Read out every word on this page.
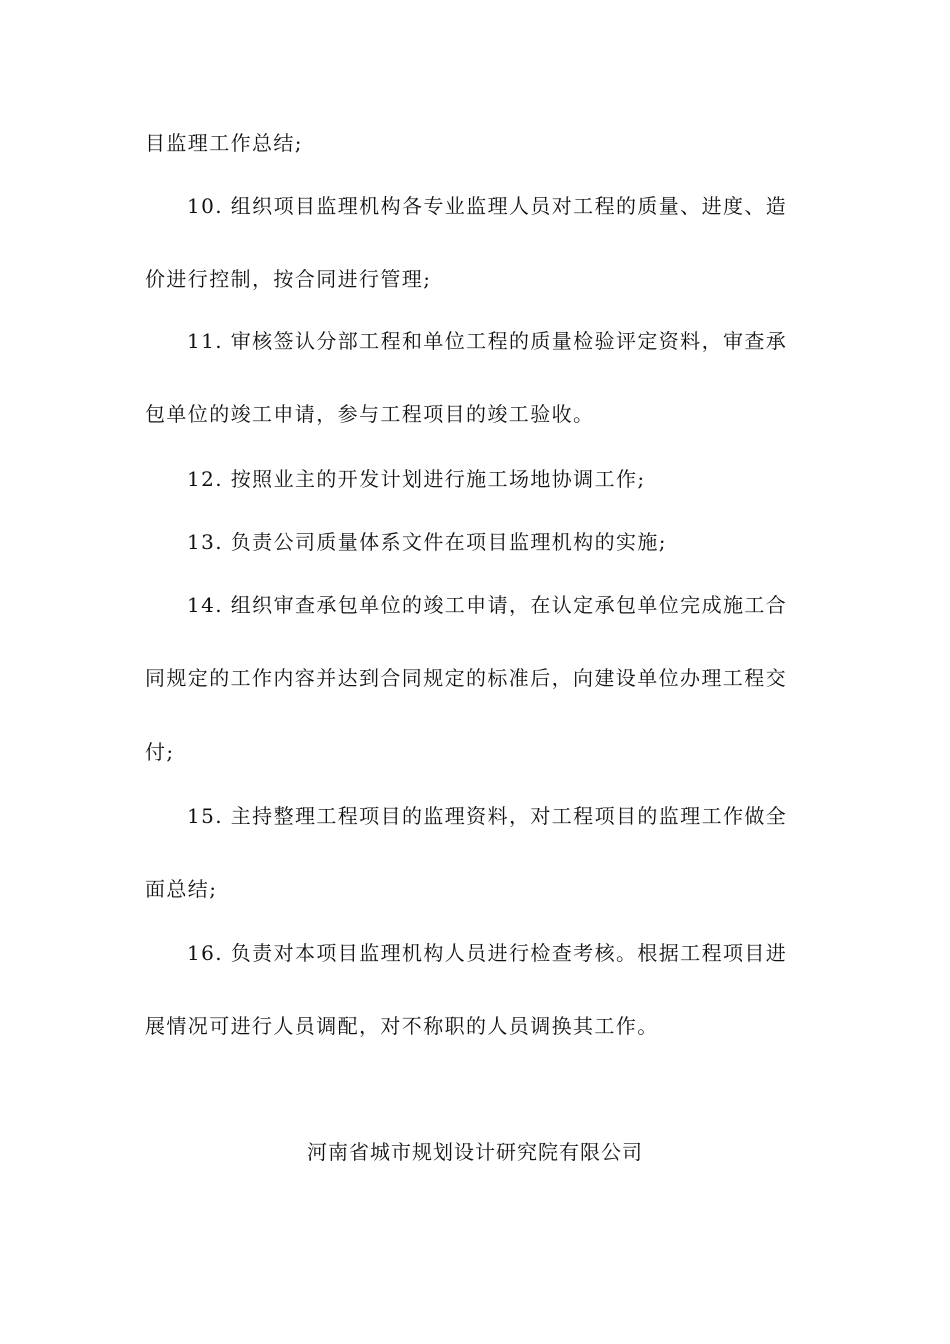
目监理工作总结;
10. 组织项目监理机构各专业监理人员对工程的质量、进度、造
价进行控制，按合同进行管理;
11. 审核签认分部工程和单位工程的质量检验评定资料，审查承
包单位的竣工申请，参与工程项目的竣工验收。
12. 按照业主的开发计划进行施工场地协调工作;
13. 负责公司质量体系文件在项目监理机构的实施;
14. 组织审查承包单位的竣工申请，在认定承包单位完成施工合
同规定的工作内容并达到合同规定的标准后，向建设单位办理工程交
付;
15. 主持整理工程项目的监理资料，对工程项目的监理工作做全
面总结;
16. 负责对本项目监理机构人员进行检查考核。根据工程项目进
展情况可进行人员调配，对不称职的人员调换其工作。
河南省城市规划设计研究院有限公司
